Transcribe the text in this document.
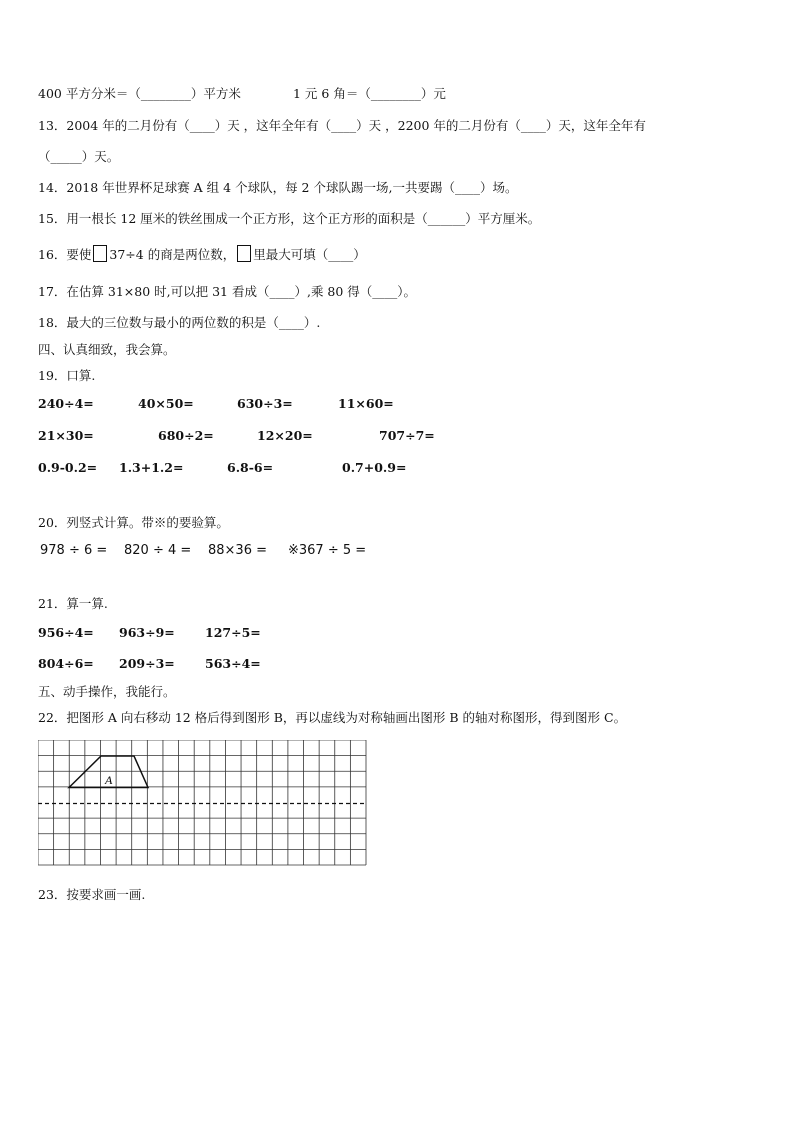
400 平方分米＝（________）平方米	1 元 6 角＝（________）元
13．2004 年的二月份有（____）天 ，这年全年有（____）天 ，2200 年的二月份有（____）天，这年全年有
（_____）天。
14．2018 年世界杯足球赛 A 组 4 个球队，每 2 个球队踢一场,一共要踢（____）场。
15．用一根长 12 厘米的铁丝围成一个正方形，这个正方形的面积是（______）平方厘米。
16．要使 37÷4 的商是两位数， 里最大可填（____）
17．在估算 31×80 时,可以把 31 看成（____）,乘 80 得（____）。
18．最大的三位数与最小的两位数的积是（____）.
四、认真细致，我会算。
19．口算.
240÷4=	40×50=	630÷3=	11×60=
21×30=	680÷2=	12×20=	707÷7=
0.9-0.2= 1.3+1.2=	6.8-6=	0.7+0.9=
20．列竖式计算。带※的要验算。
978 ÷ 6 = 820 ÷ 4 = 88×36 = ※367 ÷ 5 =
21．算一算.
956÷4= 963÷9= 127÷5=
804÷6= 209÷3= 563÷4=
五、动手操作，我能行。
22．把图形 A 向右移动 12 格后得到图形 B，再以虚线为对称轴画出图形 B 的轴对称图形，得到图形 C。
A
23．按要求画一画.
